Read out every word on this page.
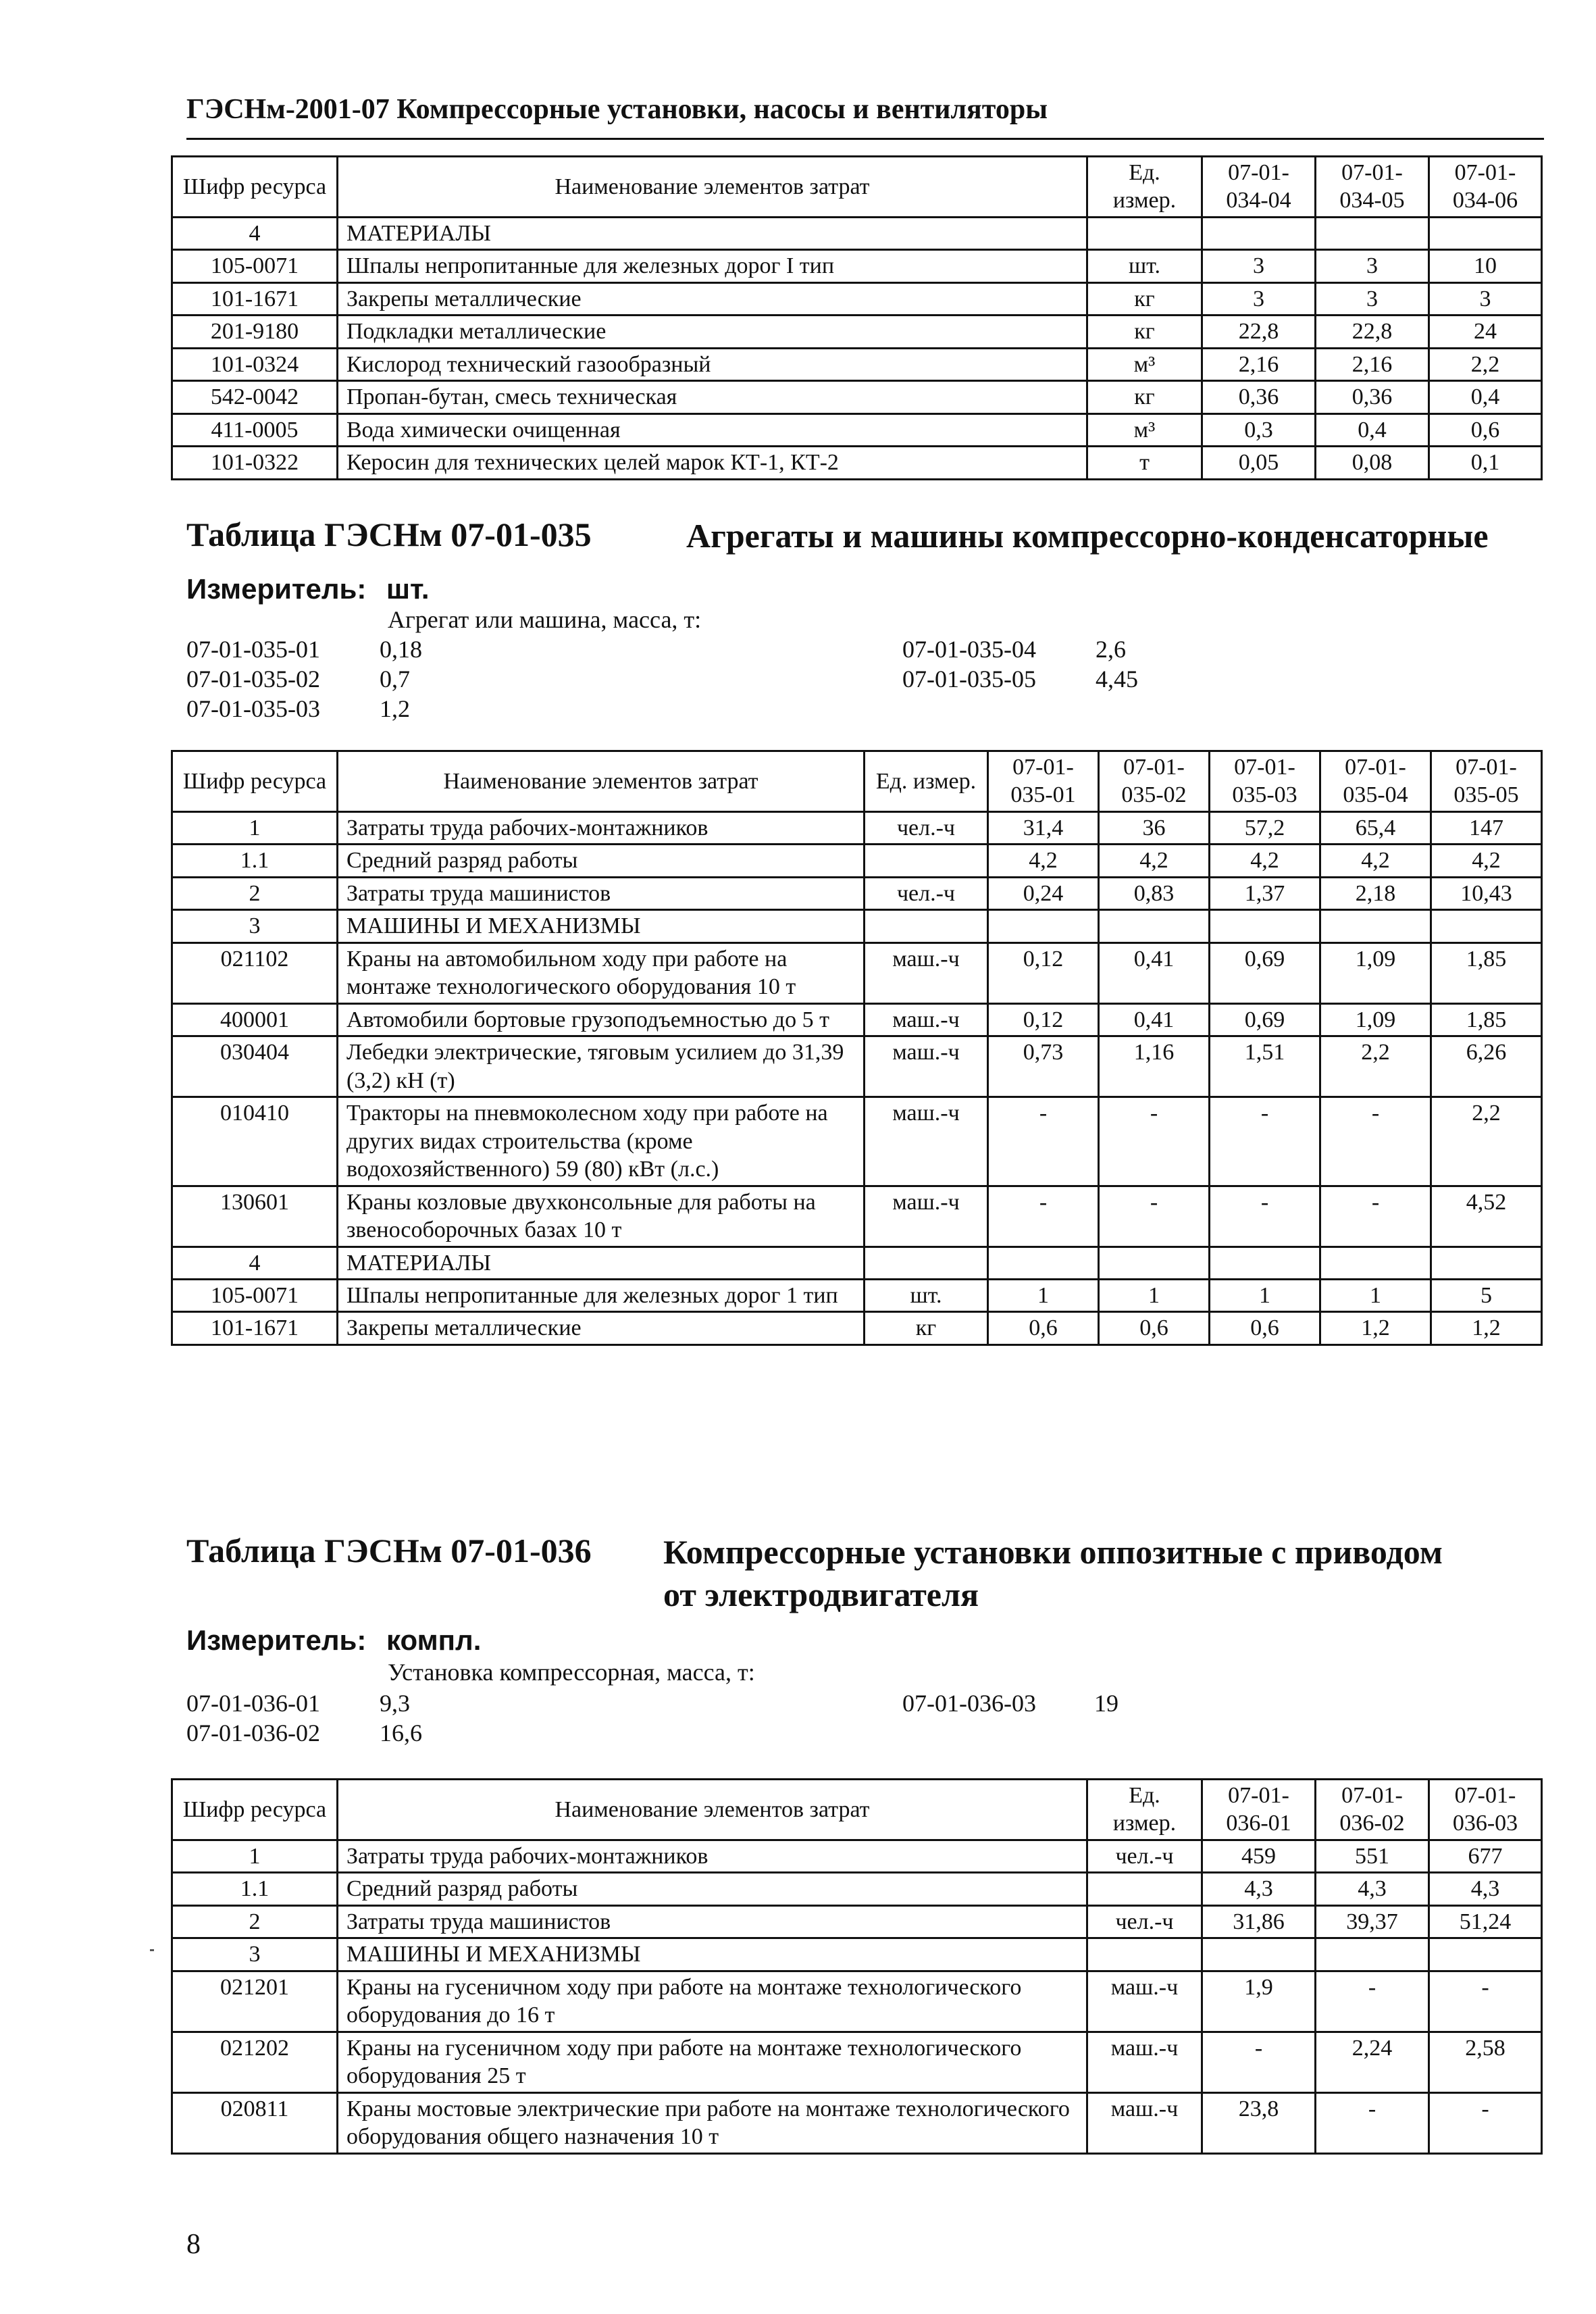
ГЭСНм-2001-07 Компрессорные установки, насосы и вентиляторы
Шифр ресурса	Наименование элементов затрат	Ед. измер.	07-01-034-04	07-01-034-05	07-01-034-06
4	МАТЕРИАЛЫ				
105-0071	Шпалы непропитанные для железных дорог I тип	шт.	3	3	10
101-1671	Закрепы металлические	кг	3	3	3
201-9180	Подкладки металлические	кг	22,8	22,8	24
101-0324	Кислород технический газообразный	м³	2,16	2,16	2,2
542-0042	Пропан-бутан, смесь техническая	кг	0,36	0,36	0,4
411-0005	Вода химически очищенная	м³	0,3	0,4	0,6
101-0322	Керосин для технических целей марок КТ-1, КТ-2	т	0,05	0,08	0,1
Таблица ГЭСНм 07-01-035	Агрегаты и машины компрессорно-конденсаторные
Измеритель: шт.
Агрегат или машина, масса, т:
07-01-035-01 0,18
07-01-035-02 0,7
07-01-035-03 1,2
07-01-035-04 2,6
07-01-035-05 4,45
Шифр ресурса	Наименование элементов затрат	Ед. измер.	07-01-035-01	07-01-035-02	07-01-035-03	07-01-035-04	07-01-035-05
1	Затраты труда рабочих-монтажников	чел.-ч	31,4	36	57,2	65,4	147
1.1	Средний разряд работы		4,2	4,2	4,2	4,2	4,2
2	Затраты труда машинистов	чел.-ч	0,24	0,83	1,37	2,18	10,43
3	МАШИНЫ И МЕХАНИЗМЫ						
021102	Краны на автомобильном ходу при работе на монтаже технологического оборудования 10 т	маш.-ч	0,12	0,41	0,69	1,09	1,85
400001	Автомобили бортовые грузоподъемностью до 5 т	маш.-ч	0,12	0,41	0,69	1,09	1,85
030404	Лебедки электрические, тяговым усилием до 31,39 (3,2) кН (т)	маш.-ч	0,73	1,16	1,51	2,2	6,26
010410	Тракторы на пневмоколесном ходу при работе на других видах строительства (кроме водохозяйственного) 59 (80) кВт (л.с.)	маш.-ч	-	-	-	-	2,2
130601	Краны козловые двухконсольные для работы на звенособорочных базах 10 т	маш.-ч	-	-	-	-	4,52
4	МАТЕРИАЛЫ						
105-0071	Шпалы непропитанные для железных дорог 1 тип	шт.	1	1	1	1	5
101-1671	Закрепы металлические	кг	0,6	0,6	0,6	1,2	1,2
Таблица ГЭСНм 07-01-036 Компрессорные установки оппозитные с приводом
от электродвигателя
Измеритель: компл.
Установка компрессорная, масса, т:
07-01-036-01 9,3
07-01-036-02 16,6
07-01-036-03 19
Шифр ресурса	Наименование элементов затрат	Ед. измер.	07-01-036-01	07-01-036-02	07-01-036-03
1	Затраты труда рабочих-монтажников	чел.-ч	459	551	677
1.1	Средний разряд работы		4,3	4,3	4,3
2	Затраты труда машинистов	чел.-ч	31,86	39,37	51,24
3	МАШИНЫ И МЕХАНИЗМЫ				
021201	Краны на гусеничном ходу при работе на монтаже технологического оборудования до 16 т	маш.-ч	1,9	-	-
021202	Краны на гусеничном ходу при работе на монтаже технологического оборудования 25 т	маш.-ч	-	2,24	2,58
020811	Краны мостовые электрические при работе на монтаже технологического оборудования общего назначения 10 т	маш.-ч	23,8	-	-
8
